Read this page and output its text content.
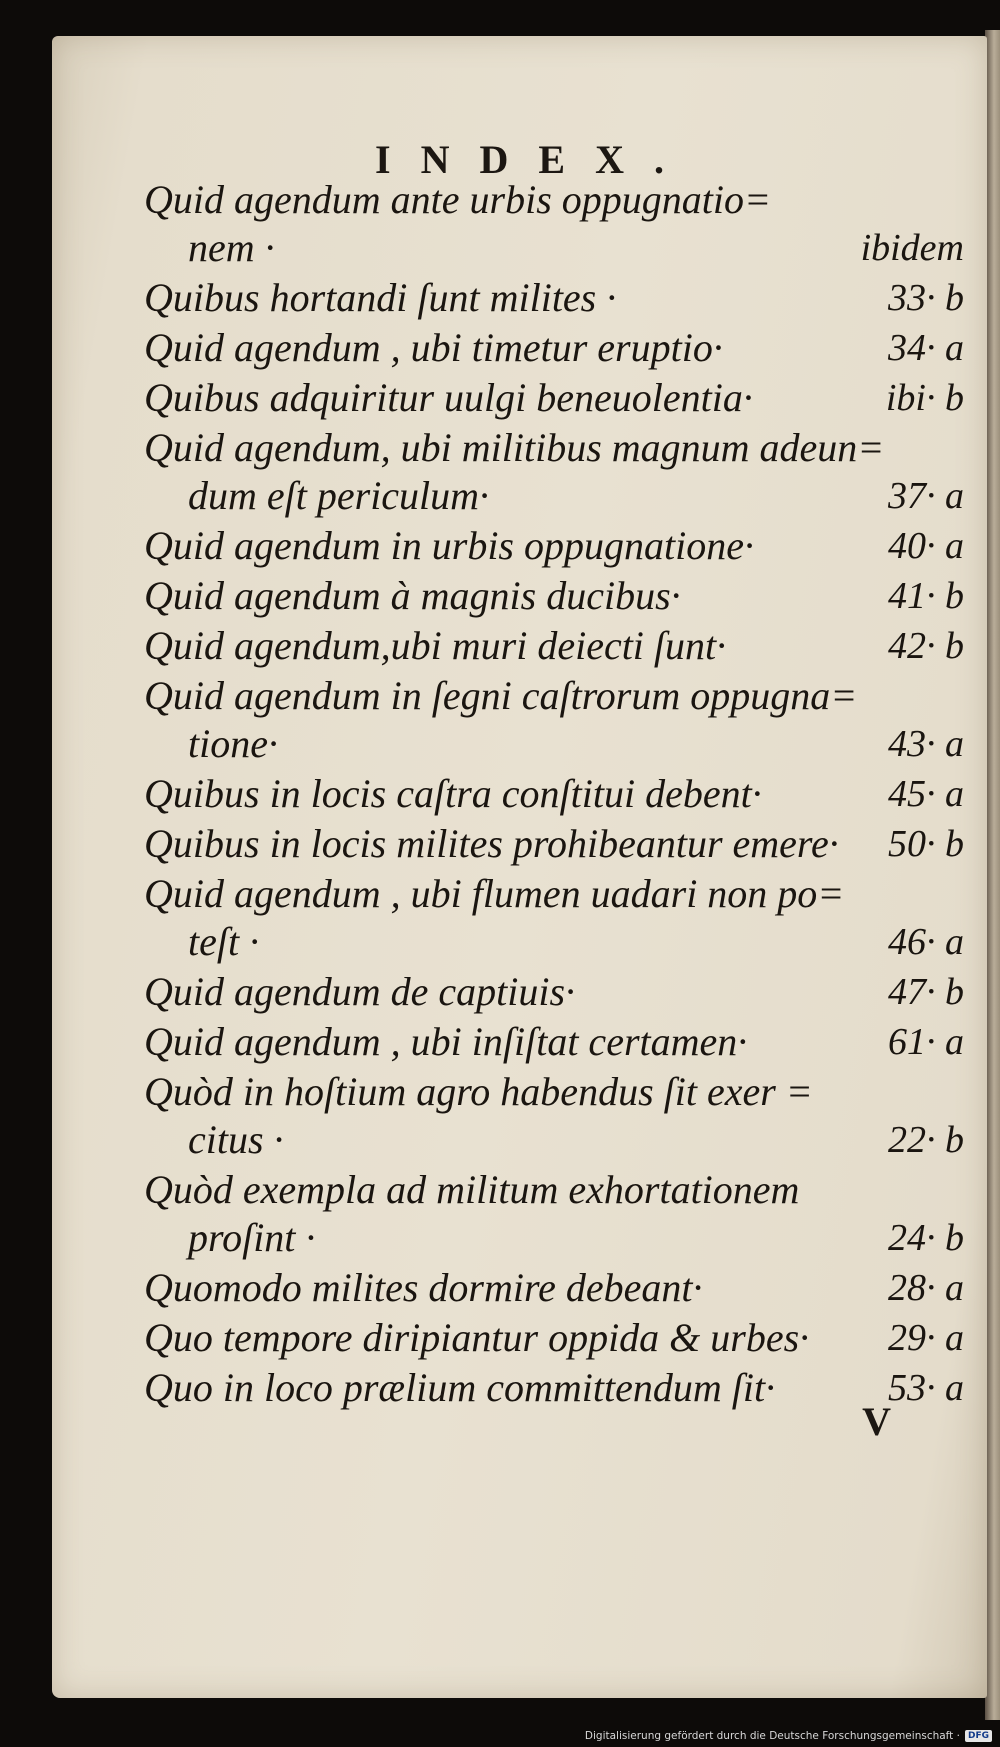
INDEX.
Quid agendum ante urbis oppugnatio=
nem ·	ibidem
Quibus hortandi ſunt milites ·	33· b
Quid agendum , ubi timetur eruptio·	34· a
Quibus adquiritur uulgi beneuolentia·	ibi· b
Quid agendum, ubi militibus magnum adeun=
dum eſt periculum·	37· a
Quid agendum in urbis oppugnatione·	40· a
Quid agendum à magnis ducibus·	41· b
Quid agendum,ubi muri deiecti ſunt·	42· b
Quid agendum in ſegni caſtrorum oppugna=
tione·	43· a
Quibus in locis caſtra conſtitui debent·	45· a
Quibus in locis milites prohibeantur emere·	50· b
Quid agendum , ubi flumen uadari non po=
teſt ·	46· a
Quid agendum de captiuis·	47· b
Quid agendum , ubi inſiſtat certamen·	61· a
Quòd in hoſtium agro habendus ſit exer =
citus ·	22· b
Quòd exempla ad militum exhortationem
proſint ·	24· b
Quomodo milites dormire debeant·	28· a
Quo tempore diripiantur oppida & urbes·	29· a
Quo in loco prælium committendum ſit·	53· a
V
Digitalisierung gefördert durch die Deutsche Forschungsgemeinschaft · DFG
